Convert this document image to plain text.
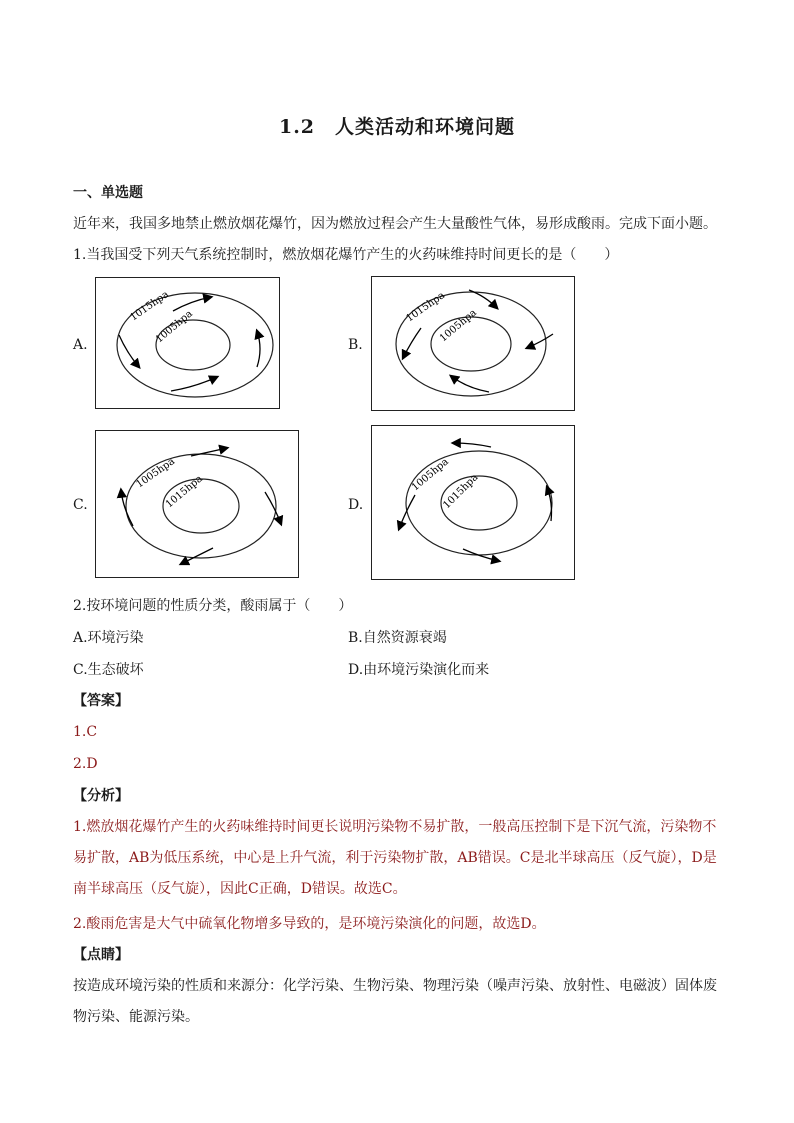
1.2　人类活动和环境问题
一、单选题
近年来，我国多地禁止燃放烟花爆竹，因为燃放过程会产生大量酸性气体，易形成酸雨。完成下面小题。
1.当我国受下列天气系统控制时，燃放烟花爆竹产生的火药味维持时间更长的是（　　）
A.
1015hpa
1005hpa	B.
1015hpa
1005hpa
C.
1005hpa
1015hpa	D.
1005hpa
1015hpa
2.按环境问题的性质分类，酸雨属于（　　）
A.环境污染	B.自然资源衰竭
C.生态破坏	D.由环境污染演化而来
【答案】
1.C
2.D
【分析】
1.燃放烟花爆竹产生的火药味维持时间更长说明污染物不易扩散，一般高压控制下是下沉气流，污染物不易扩散，AB为低压系统，中心是上升气流，利于污染物扩散，AB错误。C是北半球高压（反气旋），D是南半球高压（反气旋），因此C正确，D错误。故选C。
2.酸雨危害是大气中硫氧化物增多导致的，是环境污染演化的问题，故选D。
【点睛】
按造成环境污染的性质和来源分：化学污染、生物污染、物理污染（噪声污染、放射性、电磁波）固体废物污染、能源污染。
